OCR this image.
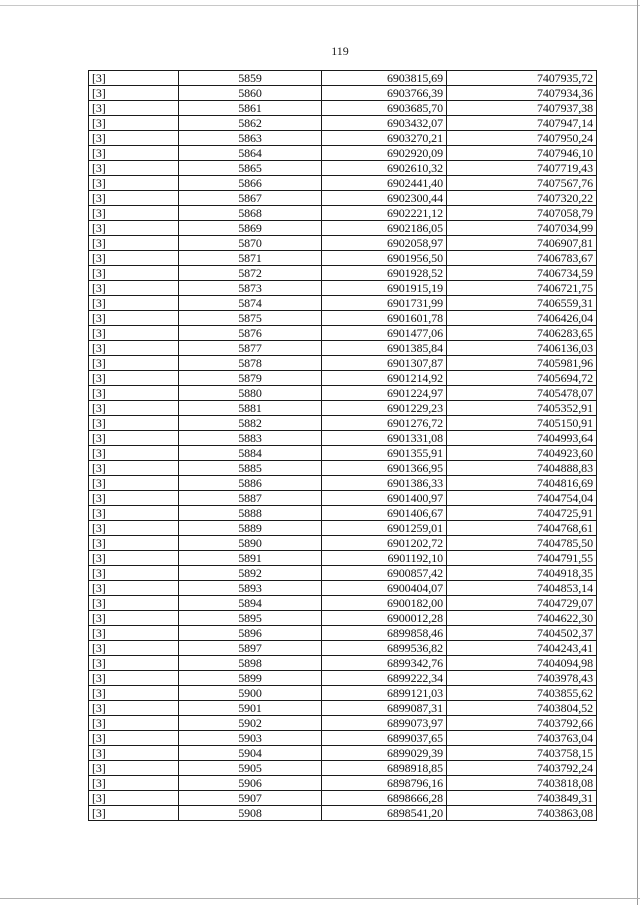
119
[3]	5859	6903815,69	7407935,72
[3]	5860	6903766,39	7407934,36
[3]	5861	6903685,70	7407937,38
[3]	5862	6903432,07	7407947,14
[3]	5863	6903270,21	7407950,24
[3]	5864	6902920,09	7407946,10
[3]	5865	6902610,32	7407719,43
[3]	5866	6902441,40	7407567,76
[3]	5867	6902300,44	7407320,22
[3]	5868	6902221,12	7407058,79
[3]	5869	6902186,05	7407034,99
[3]	5870	6902058,97	7406907,81
[3]	5871	6901956,50	7406783,67
[3]	5872	6901928,52	7406734,59
[3]	5873	6901915,19	7406721,75
[3]	5874	6901731,99	7406559,31
[3]	5875	6901601,78	7406426,04
[3]	5876	6901477,06	7406283,65
[3]	5877	6901385,84	7406136,03
[3]	5878	6901307,87	7405981,96
[3]	5879	6901214,92	7405694,72
[3]	5880	6901224,97	7405478,07
[3]	5881	6901229,23	7405352,91
[3]	5882	6901276,72	7405150,91
[3]	5883	6901331,08	7404993,64
[3]	5884	6901355,91	7404923,60
[3]	5885	6901366,95	7404888,83
[3]	5886	6901386,33	7404816,69
[3]	5887	6901400,97	7404754,04
[3]	5888	6901406,67	7404725,91
[3]	5889	6901259,01	7404768,61
[3]	5890	6901202,72	7404785,50
[3]	5891	6901192,10	7404791,55
[3]	5892	6900857,42	7404918,35
[3]	5893	6900404,07	7404853,14
[3]	5894	6900182,00	7404729,07
[3]	5895	6900012,28	7404622,30
[3]	5896	6899858,46	7404502,37
[3]	5897	6899536,82	7404243,41
[3]	5898	6899342,76	7404094,98
[3]	5899	6899222,34	7403978,43
[3]	5900	6899121,03	7403855,62
[3]	5901	6899087,31	7403804,52
[3]	5902	6899073,97	7403792,66
[3]	5903	6899037,65	7403763,04
[3]	5904	6899029,39	7403758,15
[3]	5905	6898918,85	7403792,24
[3]	5906	6898796,16	7403818,08
[3]	5907	6898666,28	7403849,31
[3]	5908	6898541,20	7403863,08
